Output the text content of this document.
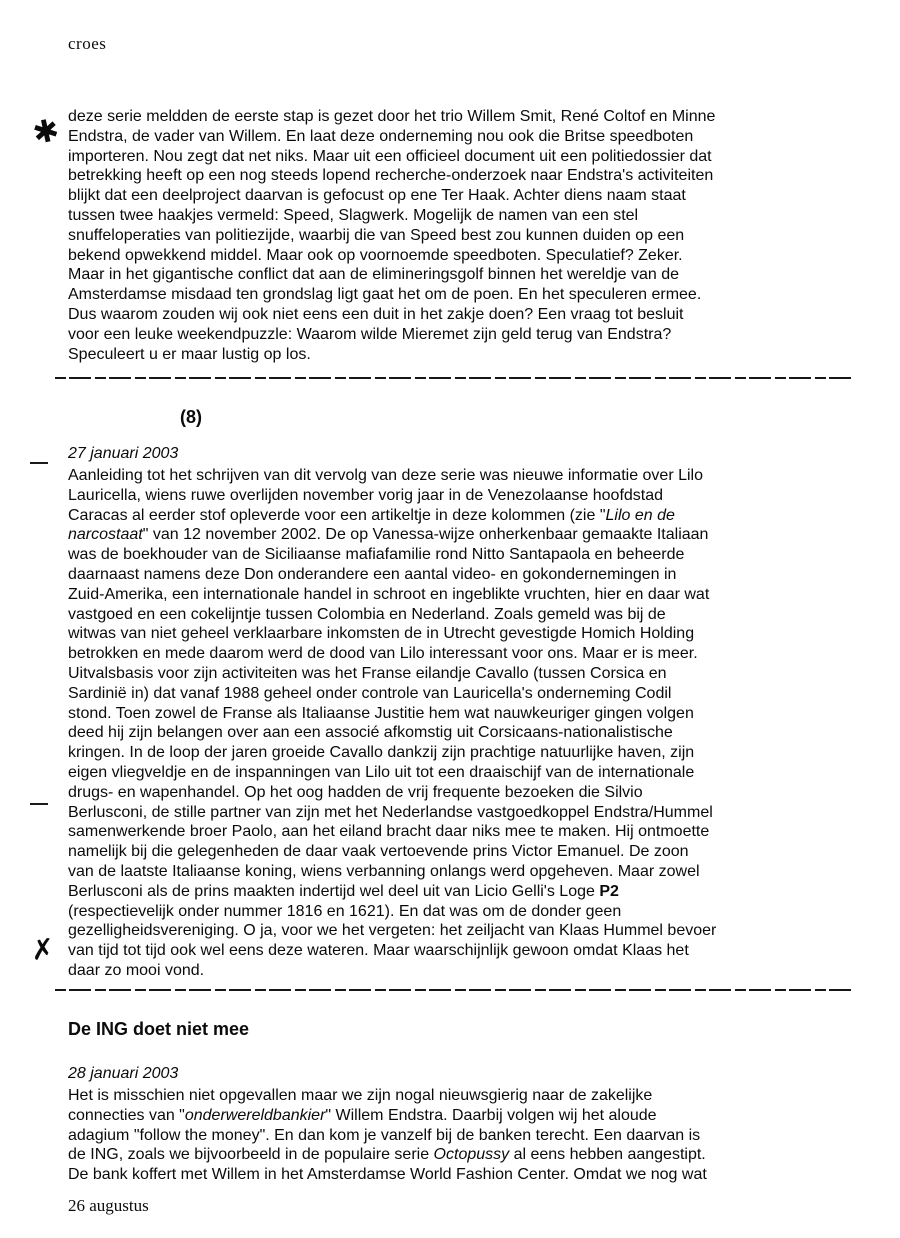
croes
✱ deze serie meldden de eerste stap is gezet door het trio Willem Smit, René Coltof en Minne
Endstra, de vader van Willem. En laat deze onderneming nou ook die Britse speedboten
importeren. Nou zegt dat net niks. Maar uit een officieel document uit een politiedossier dat
betrekking heeft op een nog steeds lopend recherche-onderzoek naar Endstra's activiteiten
blijkt dat een deelproject daarvan is gefocust op ene Ter Haak. Achter diens naam staat
tussen twee haakjes vermeld: Speed, Slagwerk. Mogelijk de namen van een stel
snuffeloperaties van politiezijde, waarbij die van Speed best zou kunnen duiden op een
bekend opwekkend middel. Maar ook op voornoemde speedboten. Speculatief? Zeker.
Maar in het gigantische conflict dat aan de elimineringsgolf binnen het wereldje van de
Amsterdamse misdaad ten grondslag ligt gaat het om de poen. En het speculeren ermee.
Dus waarom zouden wij ook niet eens een duit in het zakje doen? Een vraag tot besluit
voor een leuke weekendpuzzle: Waarom wilde Mieremet zijn geld terug van Endstra?
Speculeert u er maar lustig op los.
(8)
27 januari 2003
Aanleiding tot het schrijven van dit vervolg van deze serie was nieuwe informatie over Lilo
Lauricella, wiens ruwe overlijden november vorig jaar in de Venezolaanse hoofdstad
Caracas al eerder stof opleverde voor een artikeltje in deze kolommen (zie "Lilo en de
narcostaat" van 12 november 2002. De op Vanessa-wijze onherkenbaar gemaakte Italiaan
was de boekhouder van de Siciliaanse mafiafamilie rond Nitto Santapaola en beheerde
daarnaast namens deze Don onderandere een aantal video- en gokondernemingen in
Zuid-Amerika, een internationale handel in schroot en ingeblikte vruchten, hier en daar wat
vastgoed en een cokelijntje tussen Colombia en Nederland. Zoals gemeld was bij de
witwas van niet geheel verklaarbare inkomsten de in Utrecht gevestigde Homich Holding
betrokken en mede daarom werd de dood van Lilo interessant voor ons. Maar er is meer.
Uitvalsbasis voor zijn activiteiten was het Franse eilandje Cavallo (tussen Corsica en
Sardinië in) dat vanaf 1988 geheel onder controle van Lauricella's onderneming Codil
stond. Toen zowel de Franse als Italiaanse Justitie hem wat nauwkeuriger gingen volgen
deed hij zijn belangen over aan een associé afkomstig uit Corsicaans-nationalistische
kringen. In de loop der jaren groeide Cavallo dankzij zijn prachtige natuurlijke haven, zijn
eigen vliegveldje en de inspanningen van Lilo uit tot een draaischijf van de internationale
drugs- en wapenhandel. Op het oog hadden de vrij frequente bezoeken die Silvio
Berlusconi, de stille partner van zijn met het Nederlandse vastgoedkoppel Endstra/Hummel
samenwerkende broer Paolo, aan het eiland bracht daar niks mee te maken. Hij ontmoette
namelijk bij die gelegenheden de daar vaak vertoevende prins Victor Emanuel. De zoon
van de laatste Italiaanse koning, wiens verbanning onlangs werd opgeheven. Maar zowel
Berlusconi als de prins maakten indertijd wel deel uit van Licio Gelli's Loge P2
(respectievelijk onder nummer 1816 en 1621). En dat was om de donder geen
gezelligheidsvereniging. O ja, voor we het vergeten: het zeiljacht van Klaas Hummel bevoer
van tijd tot tijd ook wel eens deze wateren. Maar waarschijnlijk gewoon omdat Klaas het
daar zo mooi vond.
✗
De ING doet niet mee
28 januari 2003
Het is misschien niet opgevallen maar we zijn nogal nieuwsgierig naar de zakelijke
connecties van "onderwereldbankier" Willem Endstra. Daarbij volgen wij het aloude
adagium "follow the money". En dan kom je vanzelf bij de banken terecht. Een daarvan is
de ING, zoals we bijvoorbeeld in de populaire serie Octopussy al eens hebben aangestipt.
De bank koffert met Willem in het Amsterdamse World Fashion Center. Omdat we nog wat
26 augustus
